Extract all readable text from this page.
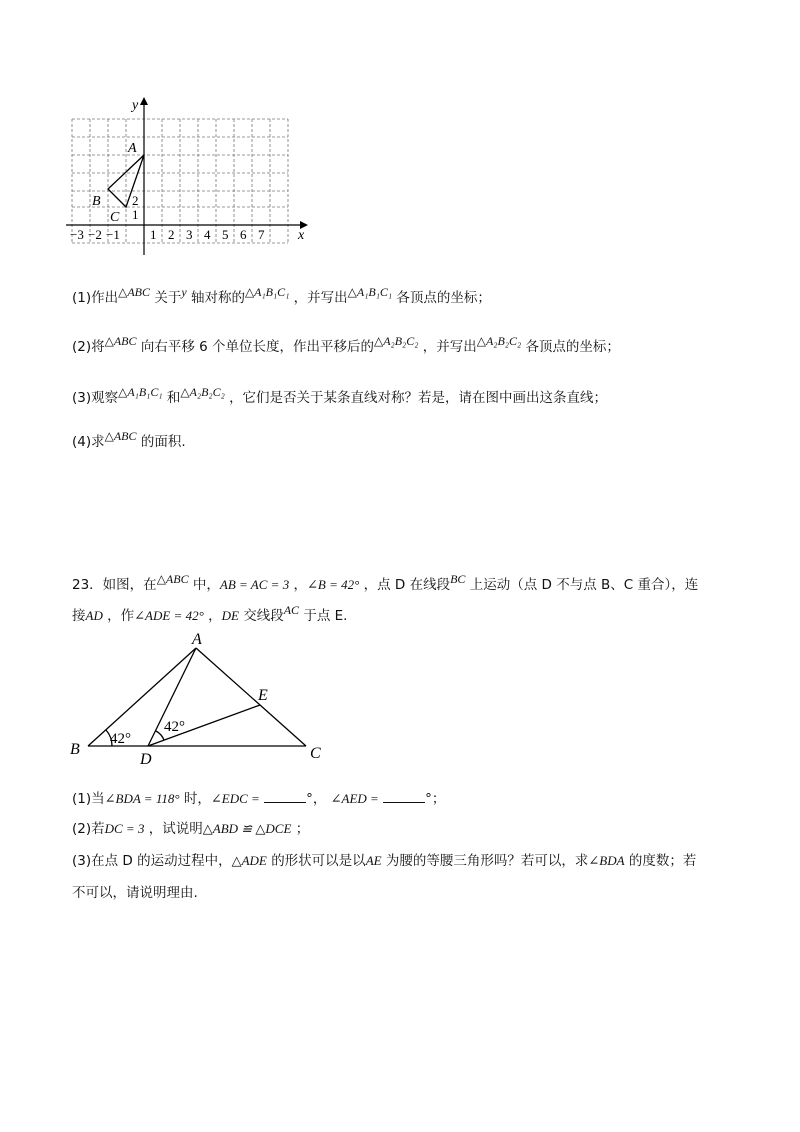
x
y
−3 −2 −1 1 2 3 4 5 6 7
1
2
A
B
C
(1)作出△ABC 关于y 轴对称的△A₁B₁C₁ ，并写出△A₁B₁C₁ 各顶点的坐标；
(2)将△ABC 向右平移 6 个单位长度，作出平移后的△A₂B₂C₂ ，并写出△A₂B₂C₂ 各顶点的坐标；
(3)观察△A₁B₁C₁ 和△A₂B₂C₂ ，它们是否关于某条直线对称？若是，请在图中画出这条直线；
(4)求△ABC 的面积.
23．如图，在△ABC 中，AB = AC = 3 ，∠B = 42° ，点 D 在线段BC 上运动（点 D 不与点 B、C 重合），连
接AD ，作∠ADE = 42° ，DE 交线段AC 于点 E.
A
B	C
D
E
42°
42°
(1)当∠BDA = 118° 时，∠EDC =	°， ∠AED =	°；
(2)若DC = 3 ，试说明△ABD ≌ △DCE ；
(3)在点 D 的运动过程中，△ADE 的形状可以是以AE 为腰的等腰三角形吗？若可以，求∠BDA 的度数；若
不可以，请说明理由.
